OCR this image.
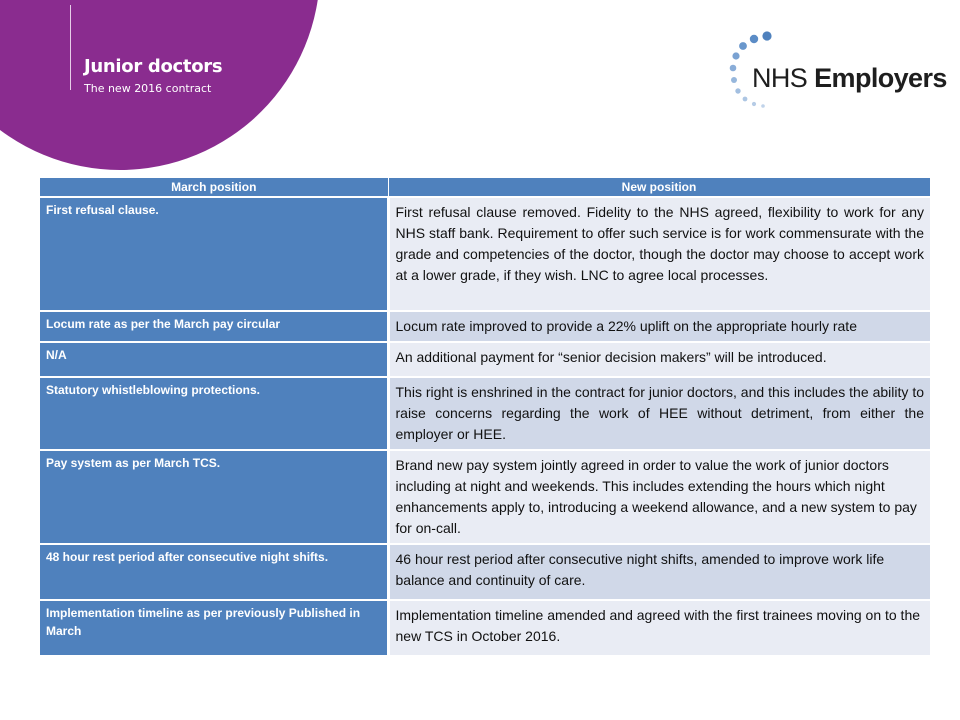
Junior doctors
The new 2016 contract	NHS Employers
March position	New position
First refusal clause.	First refusal clause removed. Fidelity to the NHS agreed, flexibility to work for any NHS staff bank. Requirement to offer such service is for work commensurate with the grade and competencies of the doctor, though the doctor may choose to accept work at a lower grade, if they wish. LNC to agree local processes.
Locum rate as per the March pay circular	Locum rate improved to provide a 22% uplift on the appropriate hourly rate
N/A	An additional payment for “senior decision makers” will be introduced.
Statutory whistleblowing protections.	This right is enshrined in the contract for junior doctors, and this includes the ability to raise concerns regarding the work of HEE without detriment, from either the employer or HEE.
Pay system as per March TCS.	Brand new pay system jointly agreed in order to value the work of junior doctors including at night and weekends. This includes extending the hours which night enhancements apply to, introducing a weekend allowance, and a new system to pay for on-call.
48 hour rest period after consecutive night shifts.	46 hour rest period after consecutive night shifts, amended to improve work life balance and continuity of care.
Implementation timeline as per previously Published in March	Implementation timeline amended and agreed with the first trainees moving on to the new TCS in October 2016.
